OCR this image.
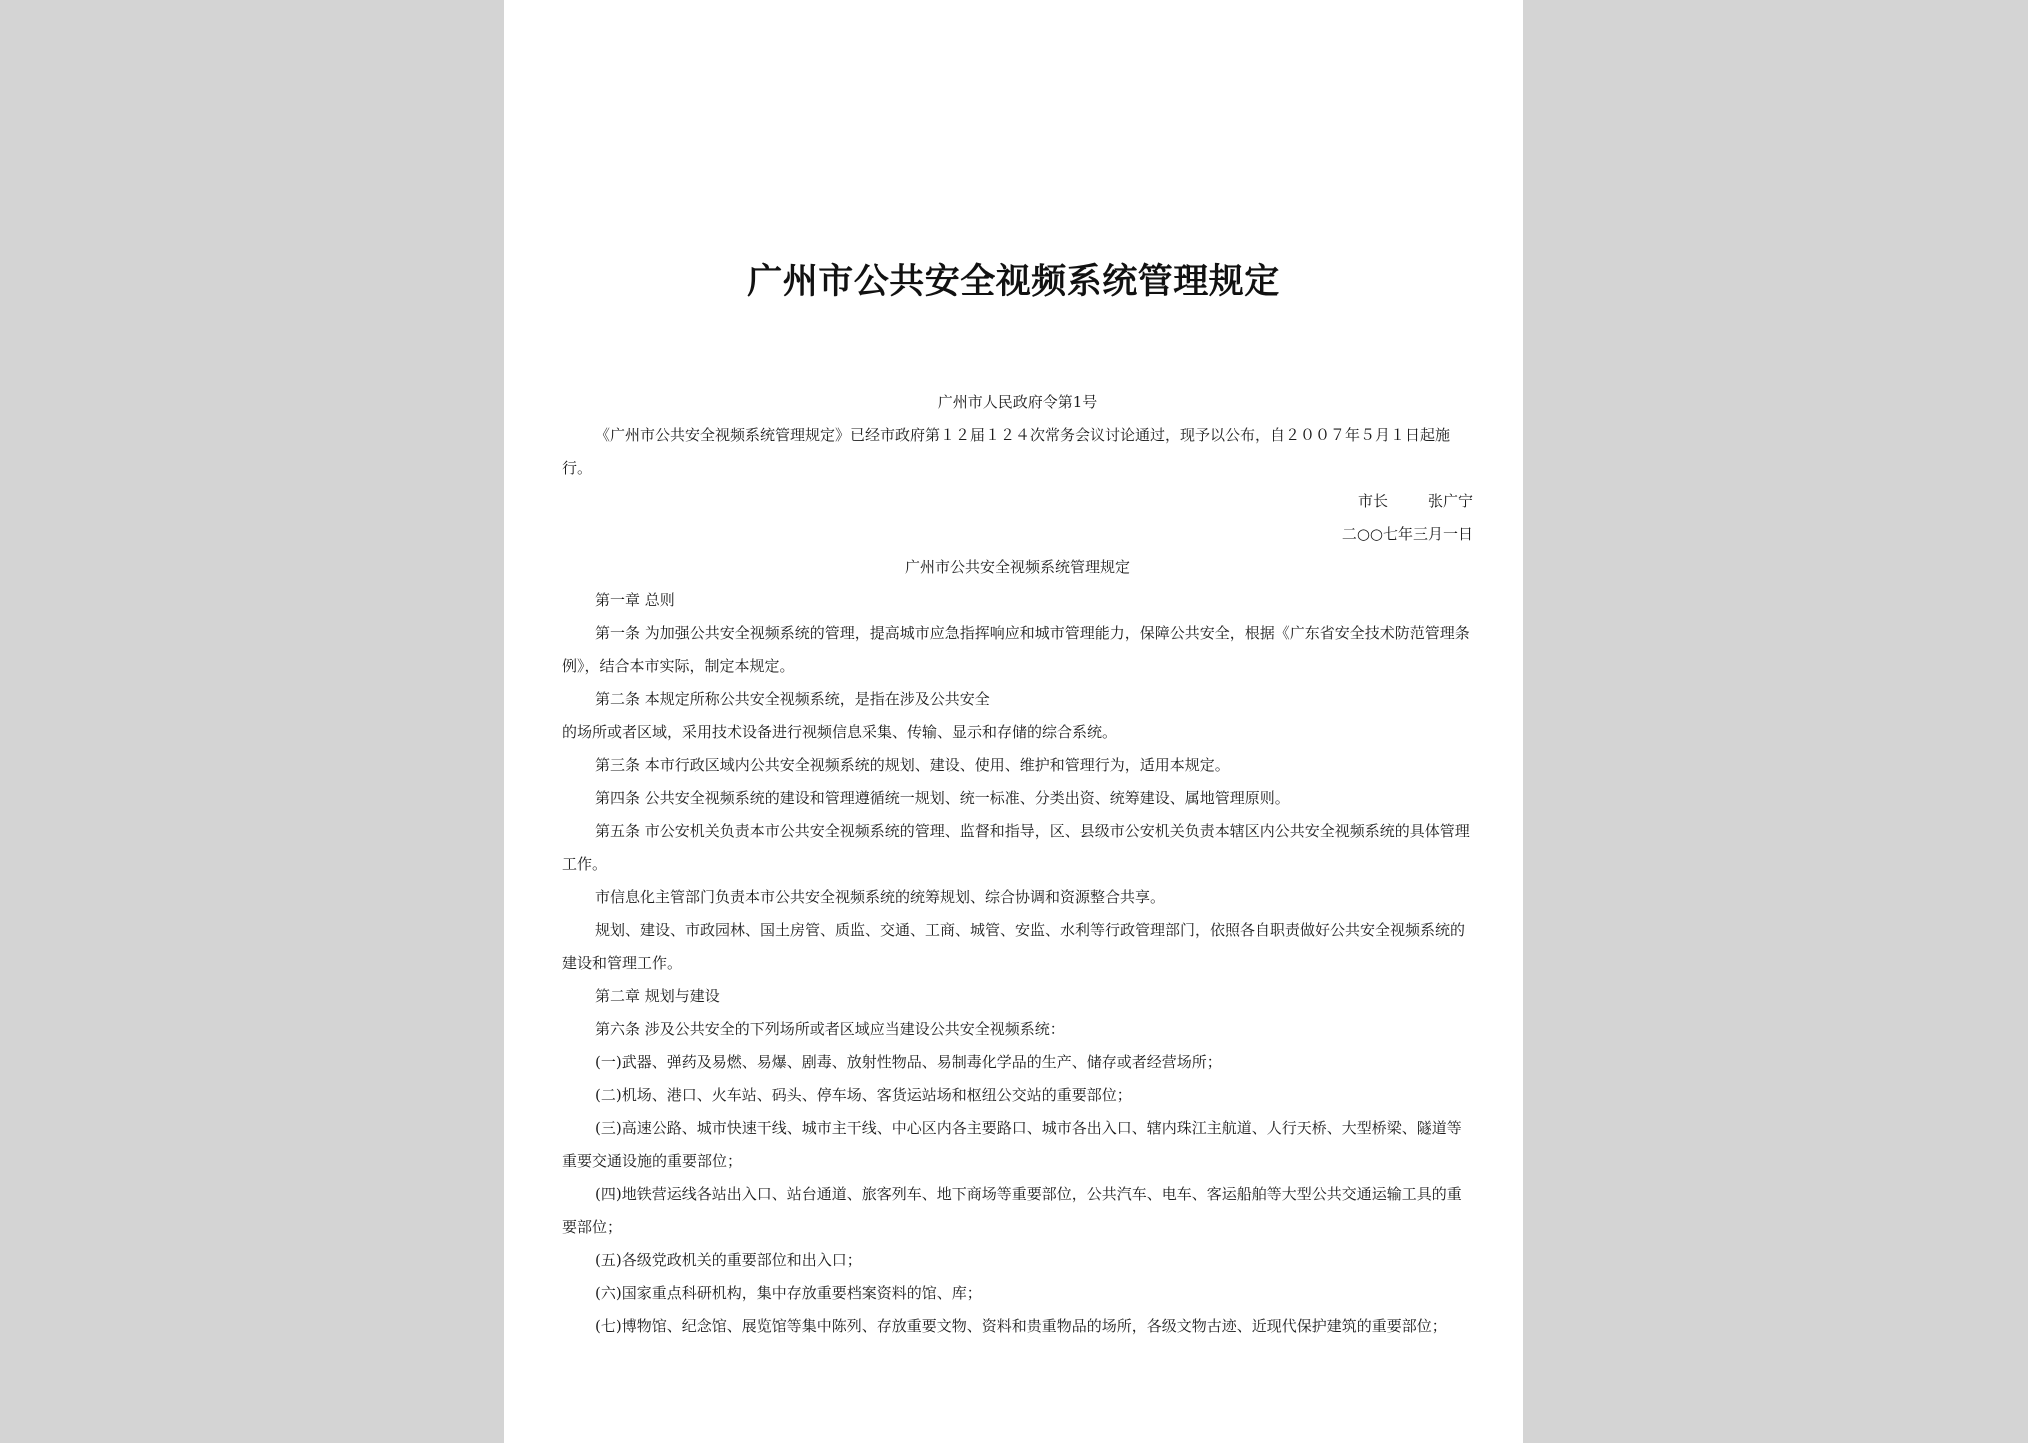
广州市公共安全视频系统管理规定

广州市人民政府令第1号

《广州市公共安全视频系统管理规定》已经市政府第１２届１２４次常务会议讨论通过，现予以公布，自２００７年５月１日起施行。

市长	张广宁

二○○七年三月一日

广州市公共安全视频系统管理规定

第一章 总则

第一条 为加强公共安全视频系统的管理，提高城市应急指挥响应和城市管理能力，保障公共安全，根据《广东省安全技术防范管理条例》，结合本市实际，制定本规定。

第二条 本规定所称公共安全视频系统，是指在涉及公共安全

的场所或者区域，采用技术设备进行视频信息采集、传输、显示和存储的综合系统。

第三条 本市行政区域内公共安全视频系统的规划、建设、使用、维护和管理行为，适用本规定。

第四条 公共安全视频系统的建设和管理遵循统一规划、统一标准、分类出资、统筹建设、属地管理原则。

第五条 市公安机关负责本市公共安全视频系统的管理、监督和指导，区、县级市公安机关负责本辖区内公共安全视频系统的具体管理工作。

市信息化主管部门负责本市公共安全视频系统的统筹规划、综合协调和资源整合共享。

规划、建设、市政园林、国土房管、质监、交通、工商、城管、安监、水利等行政管理部门，依照各自职责做好公共安全视频系统的建设和管理工作。

第二章 规划与建设

第六条 涉及公共安全的下列场所或者区域应当建设公共安全视频系统：

(一)武器、弹药及易燃、易爆、剧毒、放射性物品、易制毒化学品的生产、储存或者经营场所；

(二)机场、港口、火车站、码头、停车场、客货运站场和枢纽公交站的重要部位；

(三)高速公路、城市快速干线、城市主干线、中心区内各主要路口、城市各出入口、辖内珠江主航道、人行天桥、大型桥梁、隧道等重要交通设施的重要部位；

(四)地铁营运线各站出入口、站台通道、旅客列车、地下商场等重要部位，公共汽车、电车、客运船舶等大型公共交通运输工具的重要部位；

(五)各级党政机关的重要部位和出入口；

(六)国家重点科研机构，集中存放重要档案资料的馆、库；

(七)博物馆、纪念馆、展览馆等集中陈列、存放重要文物、资料和贵重物品的场所，各级文物古迹、近现代保护建筑的重要部位；
